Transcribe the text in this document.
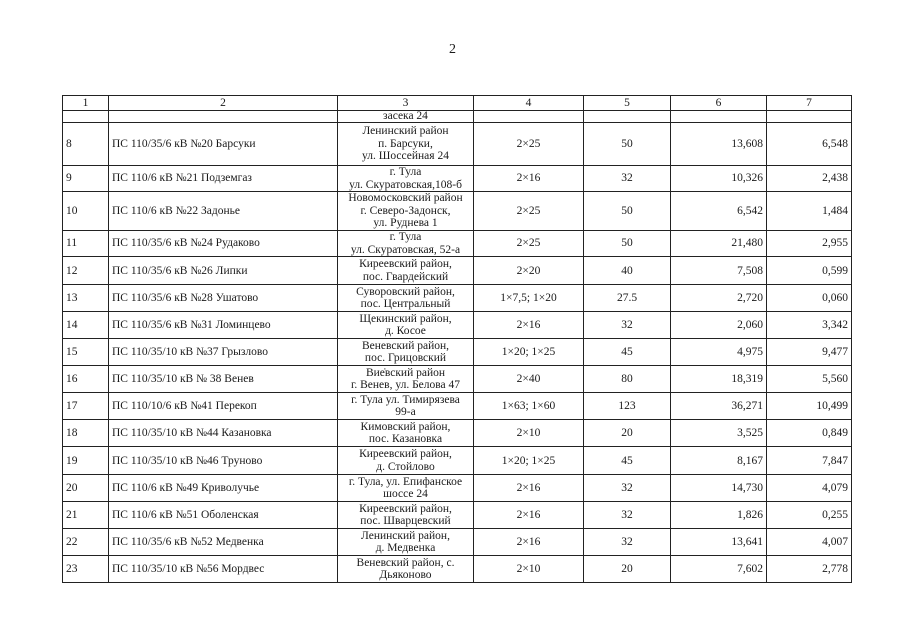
2
1	2	3	4	5	6	7

		засека 24				

8	ПС 110/35/6 кВ №20 Барсуки	Ленинский район
п. Барсуки,
ул. Шоссейная 24	2×25	50	13,608	6,548
9	ПС 110/6 кВ №21 Подземгаз	г. Тула
ул. Скуратовская,108-б	2×16	32	10,326	2,438
10	ПС 110/6 кВ №22 Задонье	Новомосковский район
г. Северо-Задонск,
ул. Руднева 1	2×25	50	6,542	1,484
11	ПС 110/35/6 кВ №24 Рудаково	г. Тула
ул. Скуратовская, 52-а	2×25	50	21,480	2,955
12	ПС 110/35/6 кВ №26 Липки	Киреевский район,
пос. Гвардейский	2×20	40	7,508	0,599
13	ПС 110/35/6 кВ №28 Ушатово	Суворовский район,
пос. Центральный	1×7,5; 1×20	27.5	2,720	0,060
14	ПС 110/35/6 кВ №31 Ломинцево	Щекинский район,
д. Косое	2×16	32	2,060	3,342
15	ПС 110/35/10 кВ №37 Грызлово	Веневский район,
пос. Грицовский	1×20; 1×25	45	4,975	9,477
16	ПС 110/35/10 кВ № 38 Венев	Вие̇вский район
г. Венев, ул. Белова 47	2×40	80	18,319	5,560
17	ПС 110/10/6 кВ №41 Перекоп	г. Тула ул. Тимирязева
99-а	1×63; 1×60	123	36,271	10,499
18	ПС 110/35/10 кВ №44 Казановка	Кимовский район,
пос. Казановка	2×10	20	3,525	0,849
19	ПС 110/35/10 кВ №46 Труново	Киреевский район,
д. Стойлово	1×20; 1×25	45	8,167	7,847
20	ПС 110/6 кВ №49 Криволучье	г. Тула, ул. Епифанское
шоссе 24	2×16	32	14,730	4,079
21	ПС 110/6 кВ №51 Оболенская	Киреевский район,
пос. Шварцевский	2×16	32	1,826	0,255
22	ПС 110/35/6 кВ №52 Медвенка	Ленинский район,
д. Медвенка	2×16	32	13,641	4,007
23	ПС 110/35/10 кВ №56 Мордвес	Веневский район, с.
Дьяконово	2×10	20	7,602	2,778
